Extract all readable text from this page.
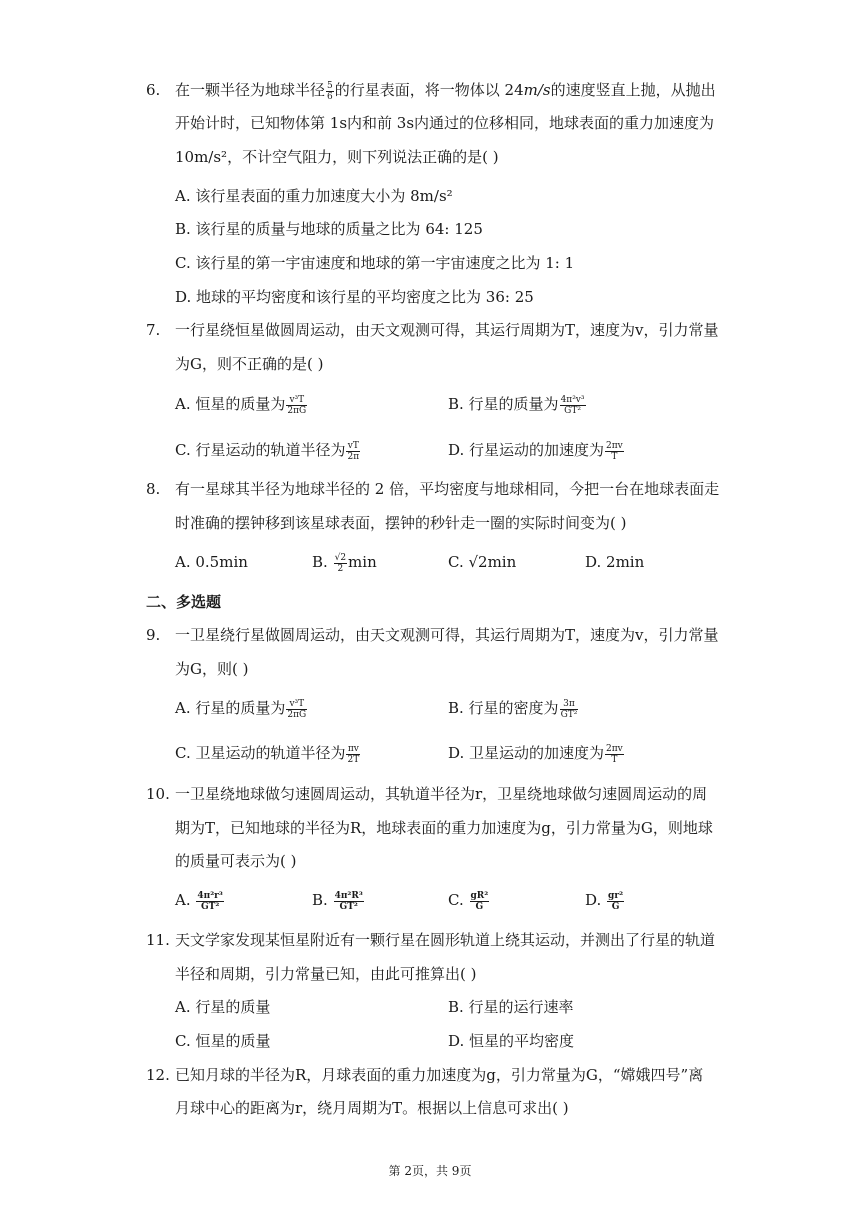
6. 在一颗半径为地球半径 $\frac{5}{6}$ 的行星表面，将一物体以 24m/s的速度竖直上抛，从抛出
开始计时，已知物体第 1s内和前 3s内通过的位移相同，地球表面的重力加速度为
10m/s²，不计空气阻力，则下列说法正确的是( )
A. 该行星表面的重力加速度大小为 8m/s²
B. 该行星的质量与地球的质量之比为 64: 125
C. 该行星的第一宇宙速度和地球的第一宇宙速度之比为 1: 1
D. 地球的平均密度和该行星的平均密度之比为 36: 25
7. 一行星绕恒星做圆周运动，由天文观测可得，其运行周期为T，速度为v，引力常量
为G，则不正确的是( )
A. 恒星的质量为 $\frac{\text{v³T}}{2\pi G}$	B. 行星的质量为 $\frac{\text{4π²v³}}{\text{GT²}}$
C. 行星运动的轨道半径为 $\frac{vT}{2\pi}$	D. 行星运动的加速度为 $\frac{2\pi v}{T}$
8. 有一星球其半径为地球半径的 2 倍，平均密度与地球相同，今把一台在地球表面走
时准确的摆钟移到该星球表面，摆钟的秒针走一圈的实际时间变为( )
A. 0.5min	B. $\frac{√2}{2}$ min	C. √2min	D. 2min
二、多选题
9. 一卫星绕行星做圆周运动，由天文观测可得，其运行周期为T，速度为v，引力常量
为G，则( )
A. 行星的质量为 $\frac{\text{v³T}}{2\pi G}$	B. 行星的密度为 $\frac{3\pi}{\text{GT²}}$
C. 卫星运动的轨道半径为 $\frac{\pi v}{2T}$	D. 卫星运动的加速度为 $\frac{2\pi v}{T}$
10. 一卫星绕地球做匀速圆周运动，其轨道半径为r，卫星绕地球做匀速圆周运动的周
期为T，已知地球的半径为R，地球表面的重力加速度为g，引力常量为G，则地球
的质量可表示为( )
A. $\frac{\text{4π²r³}}{\text{GT²}}$	B. $\frac{\text{4π²R³}}{\text{GT²}}$	C. $\frac{\text{gR²}}{G}$	D. $\frac{\text{gr²}}{G}$
11. 天文学家发现某恒星附近有一颗行星在圆形轨道上绕其运动，并测出了行星的轨道
半径和周期，引力常量已知，由此可推算出( )
A. 行星的质量	B. 行星的运行速率
C. 恒星的质量	D. 恒星的平均密度
12. 已知月球的半径为R，月球表面的重力加速度为g，引力常量为G，“嫦娥四号”离
月球中心的距离为r，绕月周期为T。根据以上信息可求出( )
第 2页，共 9页
